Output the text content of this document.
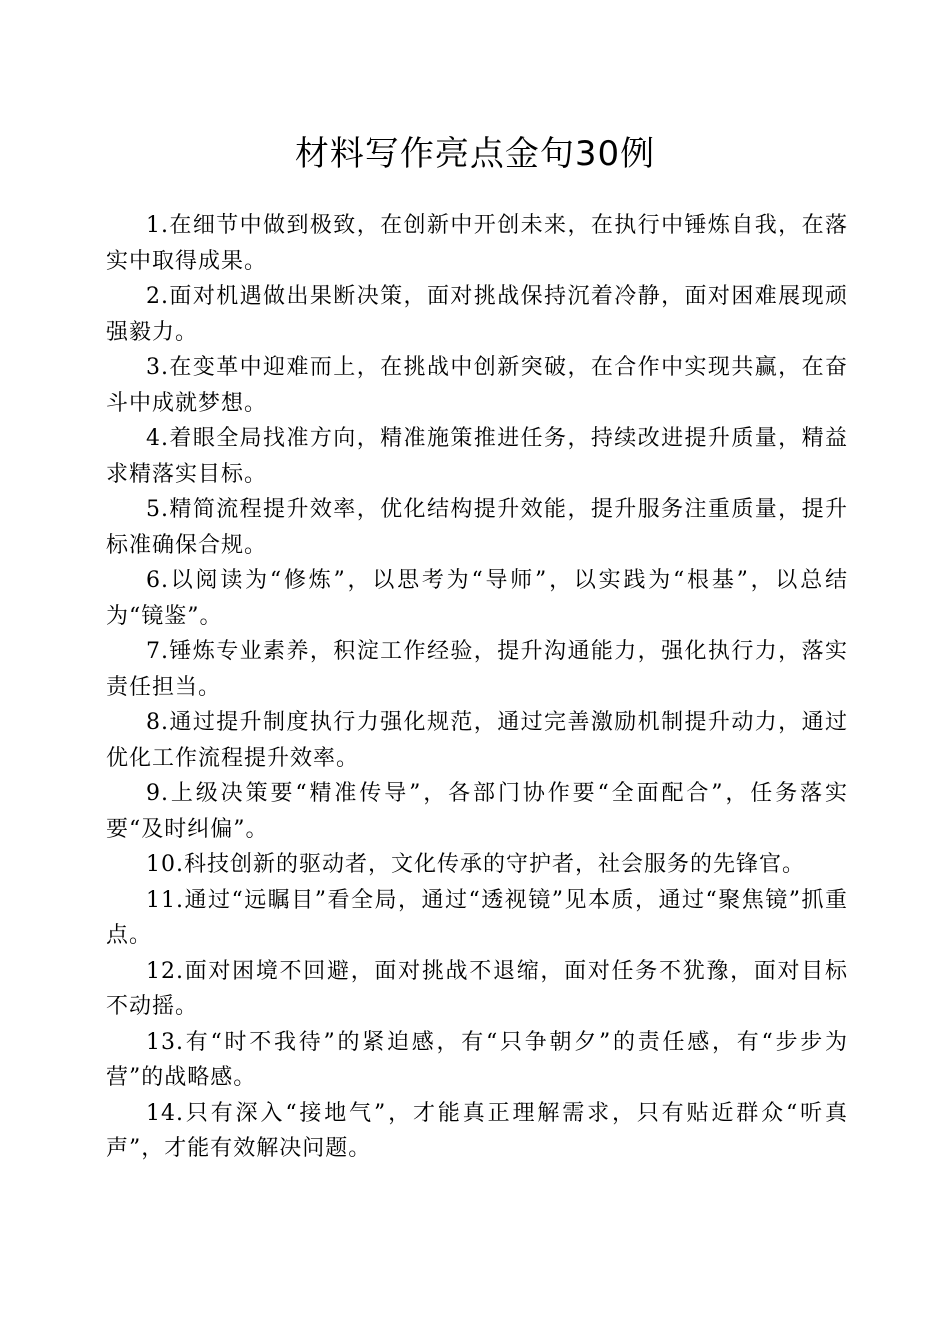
材料写作亮点金句30例

1.在细节中做到极致，在创新中开创未来，在执行中锤炼自我，在落实中取得成果。

2.面对机遇做出果断决策，面对挑战保持沉着冷静，面对困难展现顽强毅力。

3.在变革中迎难而上，在挑战中创新突破，在合作中实现共赢，在奋斗中成就梦想。

4.着眼全局找准方向，精准施策推进任务，持续改进提升质量，精益求精落实目标。

5.精简流程提升效率，优化结构提升效能，提升服务注重质量，提升标准确保合规。

6.以阅读为“修炼”，以思考为“导师”，以实践为“根基”，以总结为“镜鉴”。

7.锤炼专业素养，积淀工作经验，提升沟通能力，强化执行力，落实责任担当。

8.通过提升制度执行力强化规范，通过完善激励机制提升动力，通过优化工作流程提升效率。

9.上级决策要“精准传导”，各部门协作要“全面配合”，任务落实要“及时纠偏”。

10.科技创新的驱动者，文化传承的守护者，社会服务的先锋官。

11.通过“远瞩目”看全局，通过“透视镜”见本质，通过“聚焦镜”抓重点。

12.面对困境不回避，面对挑战不退缩，面对任务不犹豫，面对目标不动摇。

13.有“时不我待”的紧迫感，有“只争朝夕”的责任感，有“步步为营”的战略感。

14.只有深入“接地气”，才能真正理解需求，只有贴近群众“听真声”，才能有效解决问题。
